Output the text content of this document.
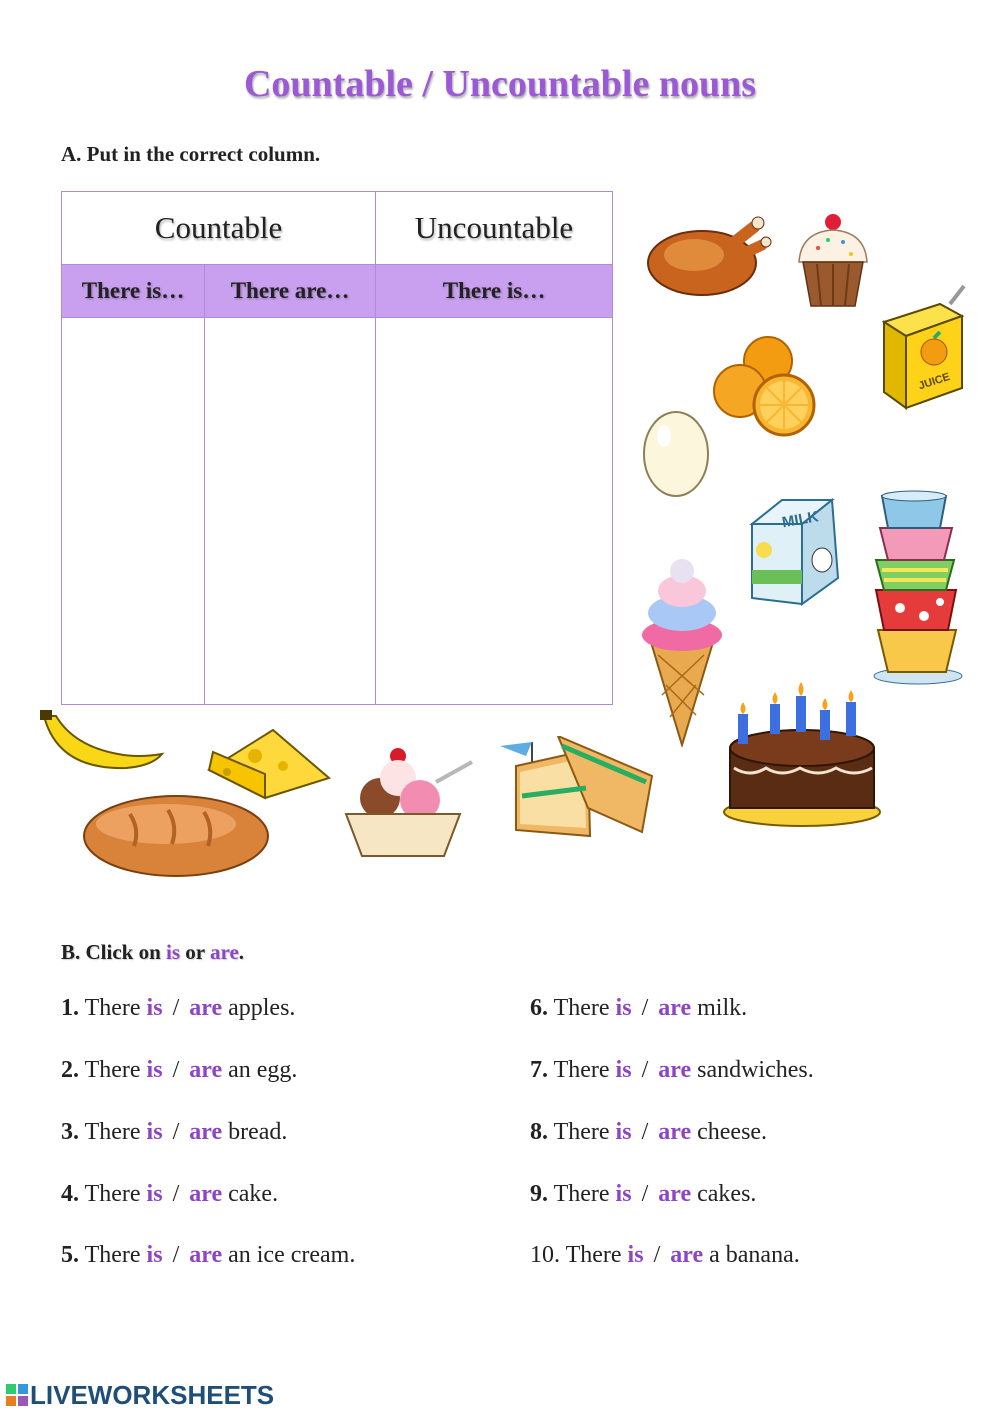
Countable / Uncountable nouns
A. Put in the correct column.
Countable		Uncountable
There is…	There are…	There is…

JUICE
MILK
B. Click on is or are.
1. There is / are apples.
2. There is / are an egg.
3. There is / are bread.
4. There is / are cake.
5. There is / are an ice cream.
6. There is / are milk.
7. There is / are sandwiches.
8. There is / are cheese.
9. There is / are cakes.
10. There is / are a banana.
LIVEWORKSHEETS
